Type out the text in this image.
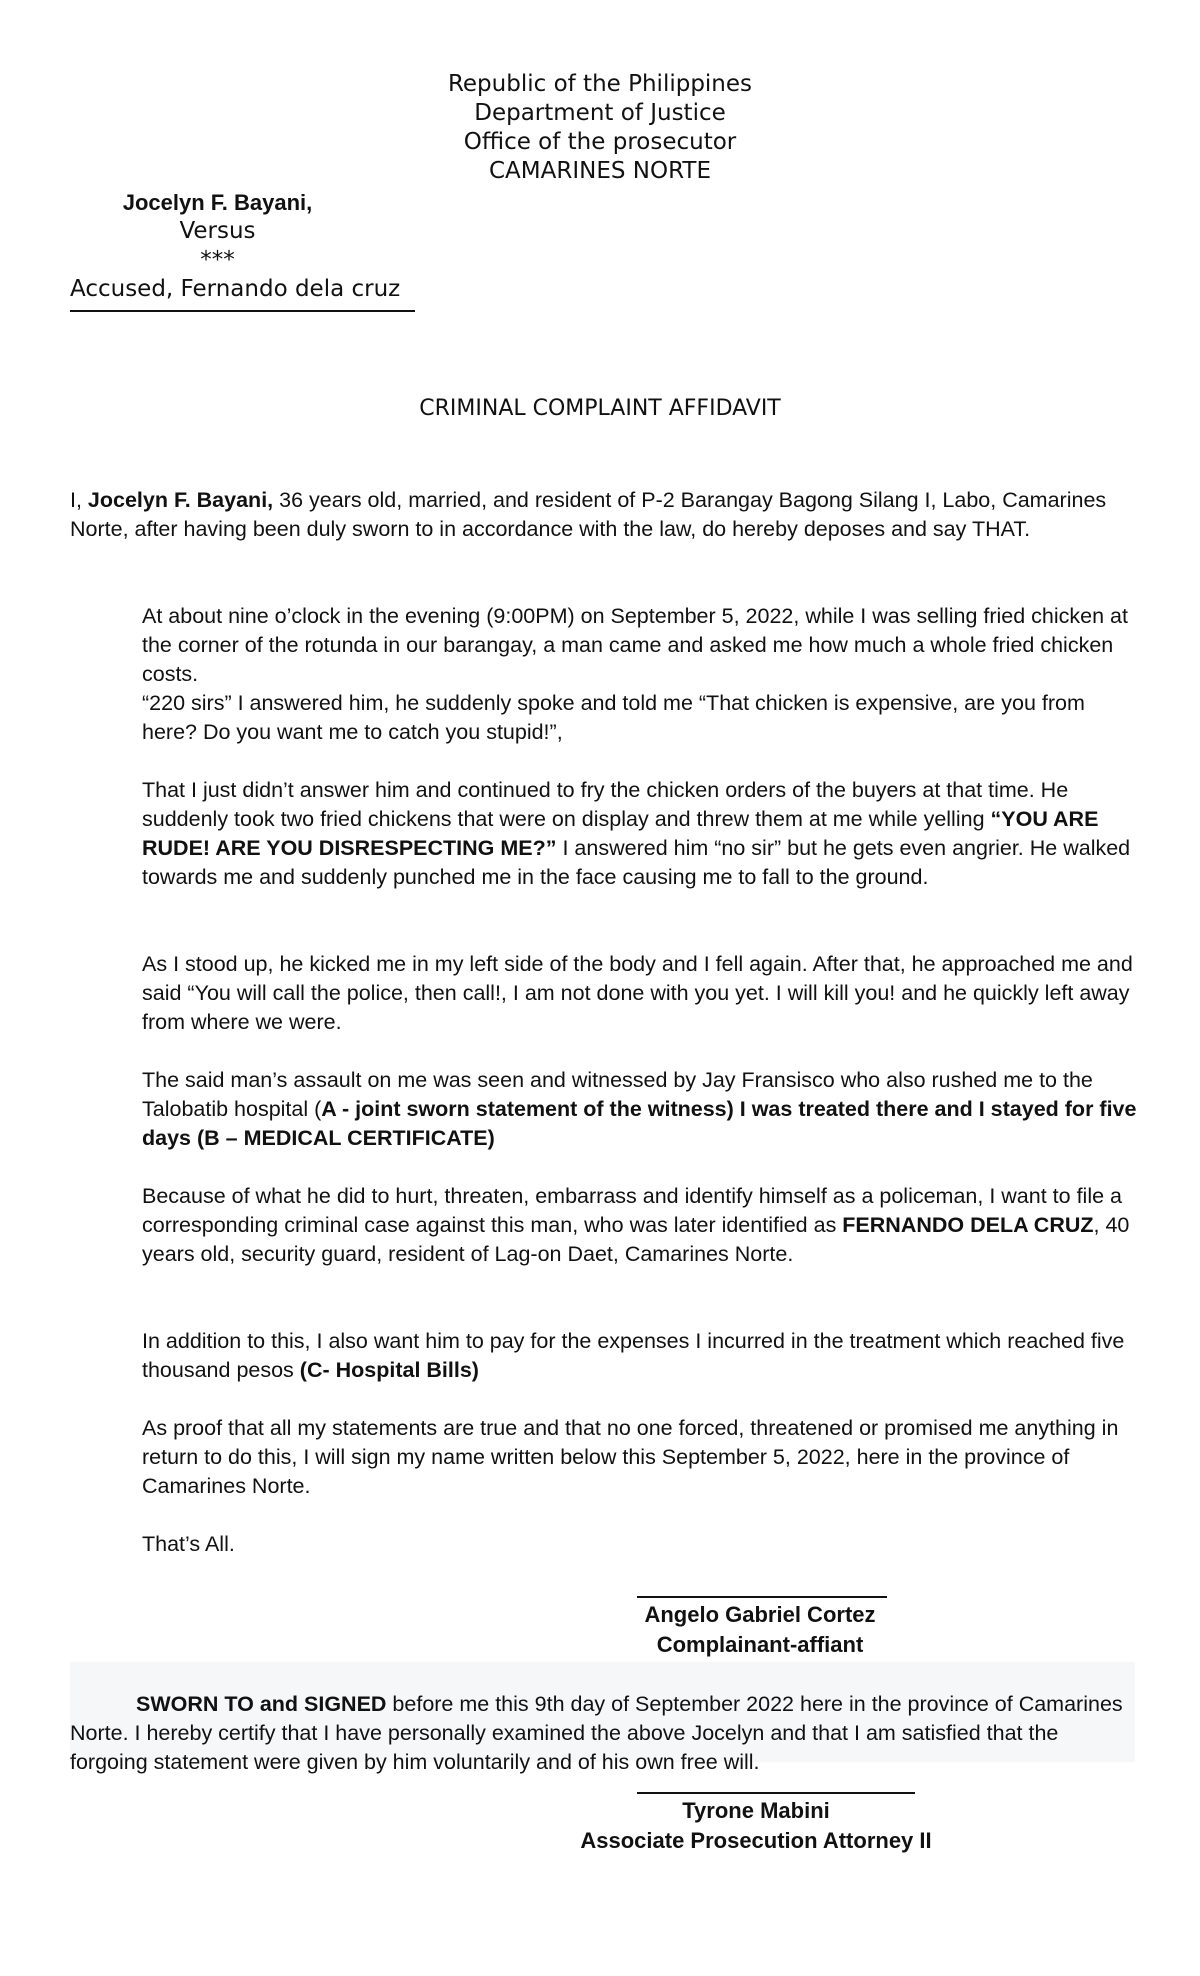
Republic of the Philippines
Department of Justice
Office of the prosecutor
CAMARINES NORTE
Jocelyn F. Bayani,
Versus
***
Accused, Fernando dela cruz
CRIMINAL COMPLAINT AFFIDAVIT
I, Jocelyn F. Bayani, 36 years old, married, and resident of P-2 Barangay Bagong Silang I, Labo, Camarines Norte, after having been duly sworn to in accordance with the law, do hereby deposes and say THAT.
At about nine o’clock in the evening (9:00PM) on September 5, 2022, while I was selling fried chicken at the corner of the rotunda in our barangay, a man came and asked me how much a whole fried chicken costs.
“220 sirs” I answered him, he suddenly spoke and told me “That chicken is expensive, are you from here? Do you want me to catch you stupid!”,
That I just didn’t answer him and continued to fry the chicken orders of the buyers at that time. He suddenly took two fried chickens that were on display and threw them at me while yelling “YOU ARE RUDE! ARE YOU DISRESPECTING ME?” I answered him “no sir” but he gets even angrier. He walked towards me and suddenly punched me in the face causing me to fall to the ground.
As I stood up, he kicked me in my left side of the body and I fell again. After that, he approached me and said “You will call the police, then call!, I am not done with you yet. I will kill you! and he quickly left away from where we were.
The said man’s assault on me was seen and witnessed by Jay Fransisco who also rushed me to the Talobatib hospital (A - joint sworn statement of the witness) I was treated there and I stayed for five days (B – MEDICAL CERTIFICATE)
Because of what he did to hurt, threaten, embarrass and identify himself as a policeman, I want to file a corresponding criminal case against this man, who was later identified as FERNANDO DELA CRUZ, 40 years old, security guard, resident of Lag-on Daet, Camarines Norte.
In addition to this, I also want him to pay for the expenses I incurred in the treatment which reached five thousand pesos (C- Hospital Bills)
As proof that all my statements are true and that no one forced, threatened or promised me anything in return to do this, I will sign my name written below this September 5, 2022, here in the province of Camarines Norte.
That’s All.
Angelo Gabriel Cortez
Complainant-affiant
SWORN TO and SIGNED before me this 9th day of September 2022 here in the province of Camarines Norte. I hereby certify that I have personally examined the above Jocelyn and that I am satisfied that the forgoing statement were given by him voluntarily and of his own free will.
Tyrone Mabini
Associate Prosecution Attorney II
